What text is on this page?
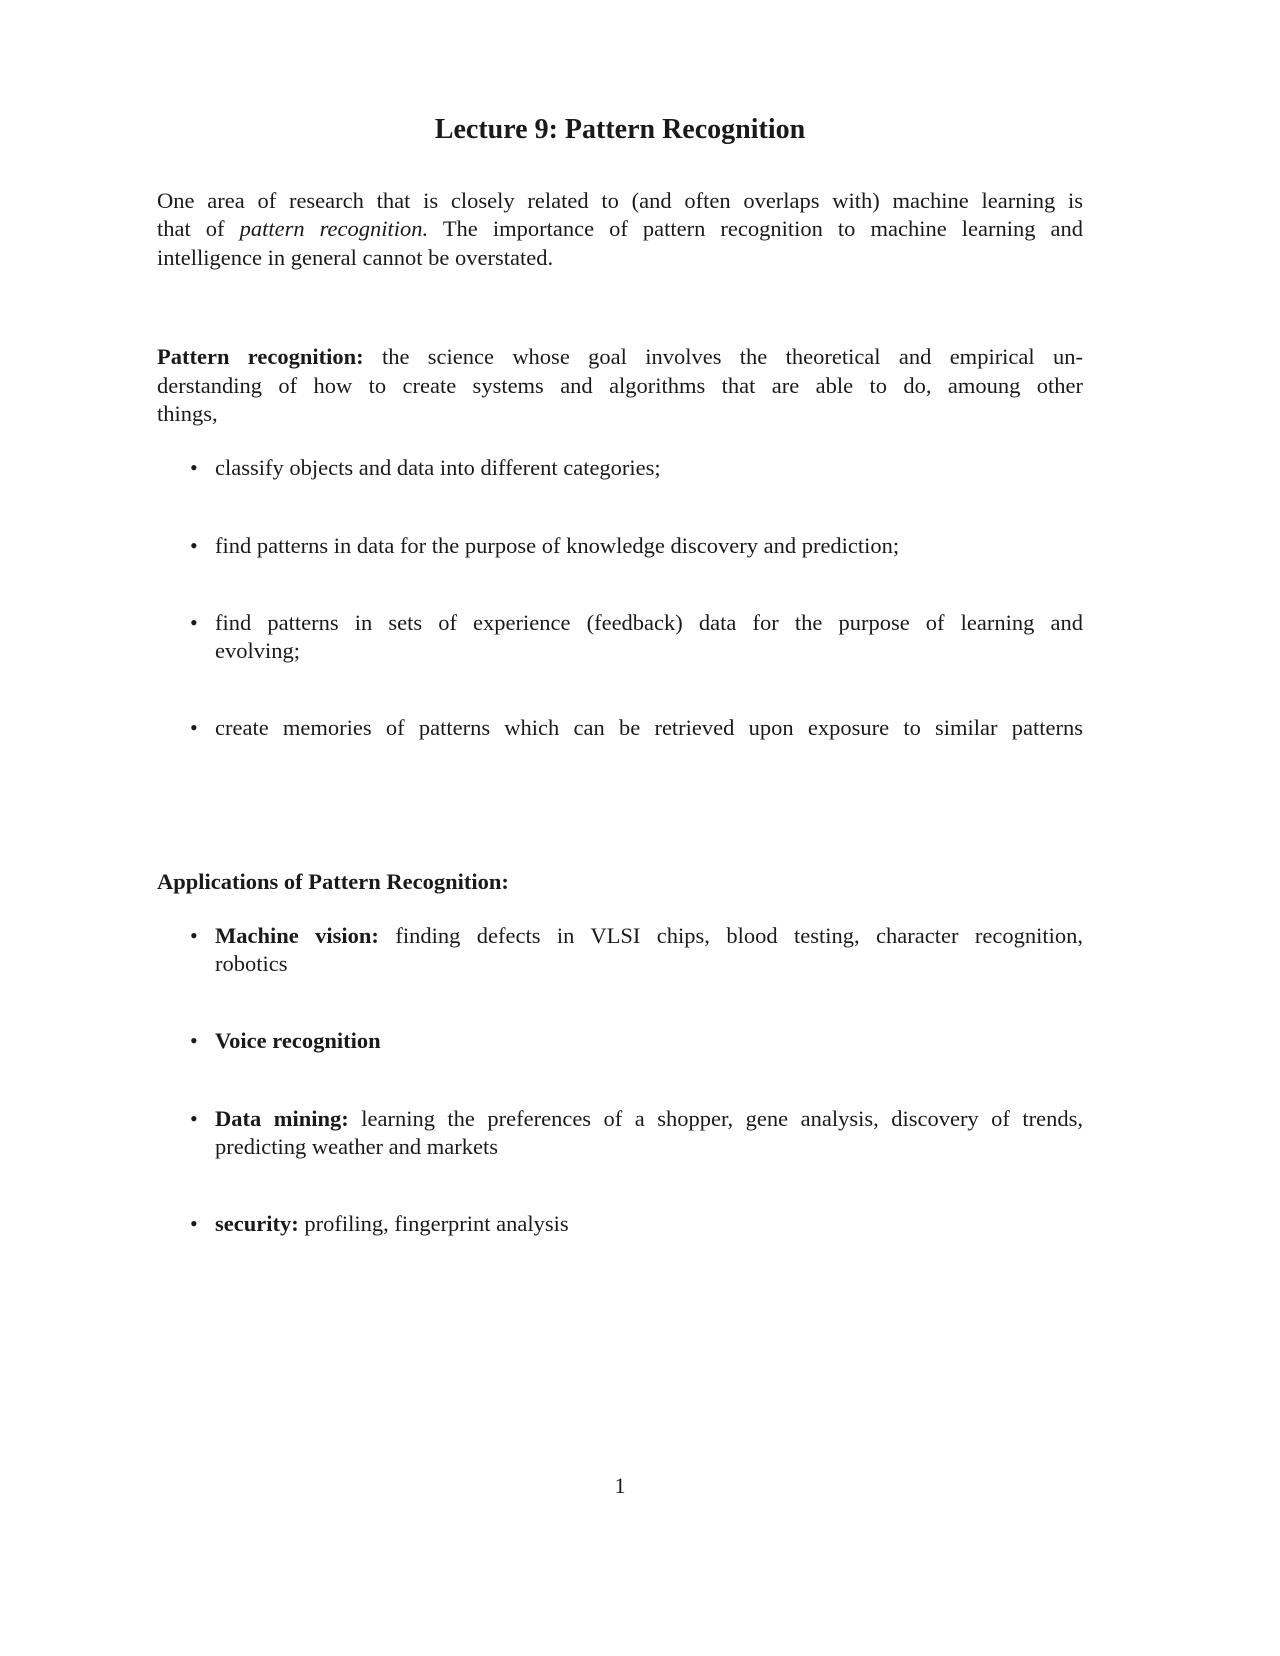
Lecture 9: Pattern Recognition
One area of research that is closely related to (and often overlaps with) machine learning is
that of pattern recognition. The importance of pattern recognition to machine learning and
intelligence in general cannot be overstated.
Pattern recognition: the science whose goal involves the theoretical and empirical un-
derstanding of how to create systems and algorithms that are able to do, amoung other
things,
• classify objects and data into different categories;
• find patterns in data for the purpose of knowledge discovery and prediction;
• find patterns in sets of experience (feedback) data for the purpose of learning and
evolving;
• create memories of patterns which can be retrieved upon exposure to similar patterns
Applications of Pattern Recognition:
• Machine vision: finding defects in VLSI chips, blood testing, character recognition,
robotics
• Voice recognition
• Data mining: learning the preferences of a shopper, gene analysis, discovery of trends,
predicting weather and markets
• security: profiling, fingerprint analysis
1
